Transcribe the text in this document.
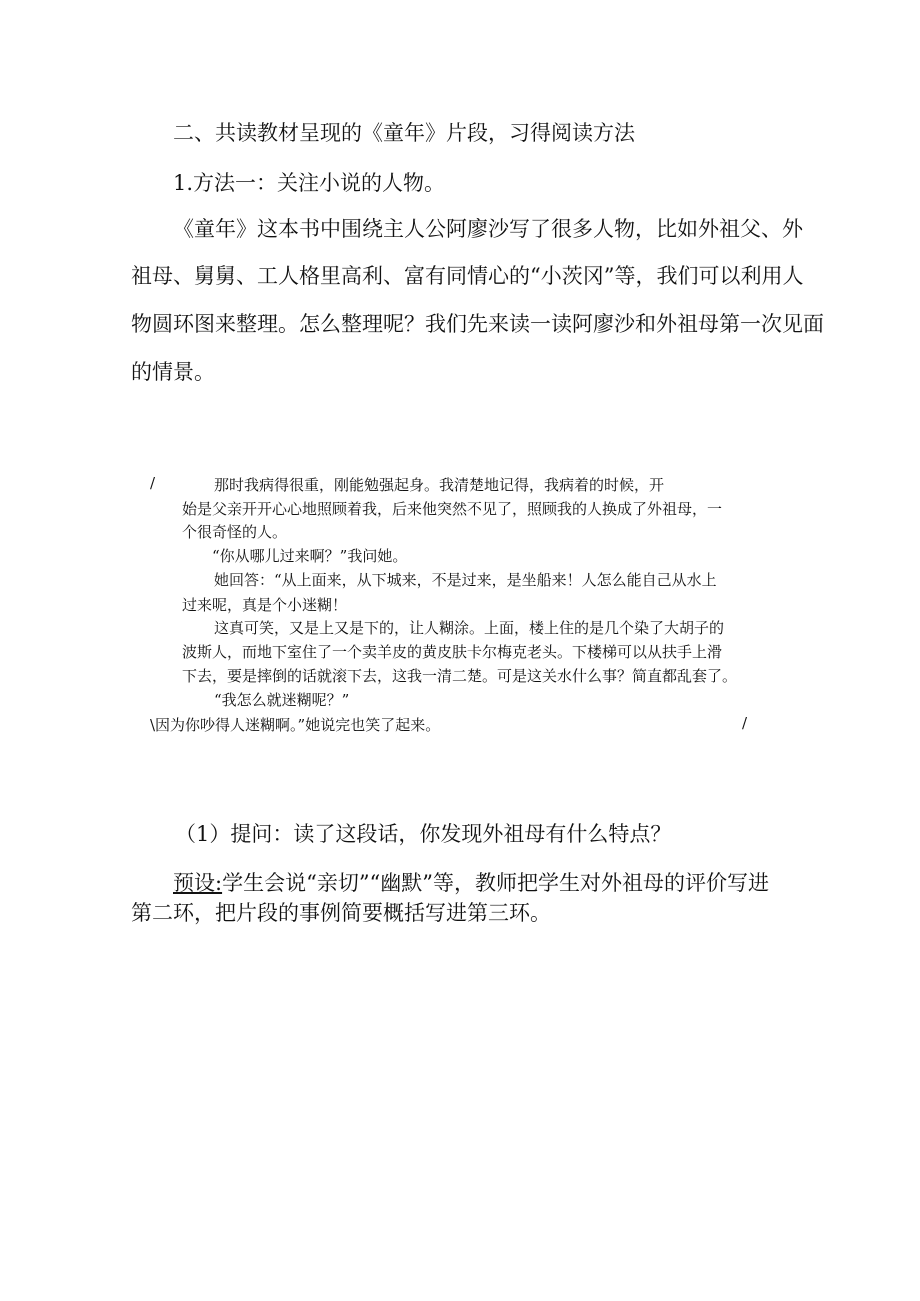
二、共读教材呈现的《童年》片段，习得阅读方法
1.方法一：关注小说的人物。
《童年》这本书中围绕主人公阿廖沙写了很多人物，比如外祖父、外
祖母、舅舅、工人格里高利、富有同情心的“小茨冈”等，我们可以利用人
物圆环图来整理。怎么整理呢？我们先来读一读阿廖沙和外祖母第一次见面
的情景。
/	那时我病得很重，刚能勉强起身。我清楚地记得，我病着的时候，开
始是父亲开开心心地照顾着我，后来他突然不见了，照顾我的人换成了外祖母，一
个很奇怪的人。
“你从哪儿过来啊？”我问她。
她回答：“从上面来，从下城来，不是过来，是坐船来！人怎么能自己从水上
过来呢，真是个小迷糊！
这真可笑，又是上又是下的，让人糊涂。上面，楼上住的是几个染了大胡子的
波斯人，而地下室住了一个卖羊皮的黄皮肤卡尔梅克老头。下楼梯可以从扶手上滑
下去，要是摔倒的话就滚下去，这我一清二楚。可是这关水什么事？简直都乱套了。
“我怎么就迷糊呢？”
\因为你吵得人迷糊啊。”她说完也笑了起来。	/
（1）提问：读了这段话，你发现外祖母有什么特点？
预设:学生会说“亲切”“幽默”等，教师把学生对外祖母的评价写进
第二环，把片段的事例简要概括写进第三环。
